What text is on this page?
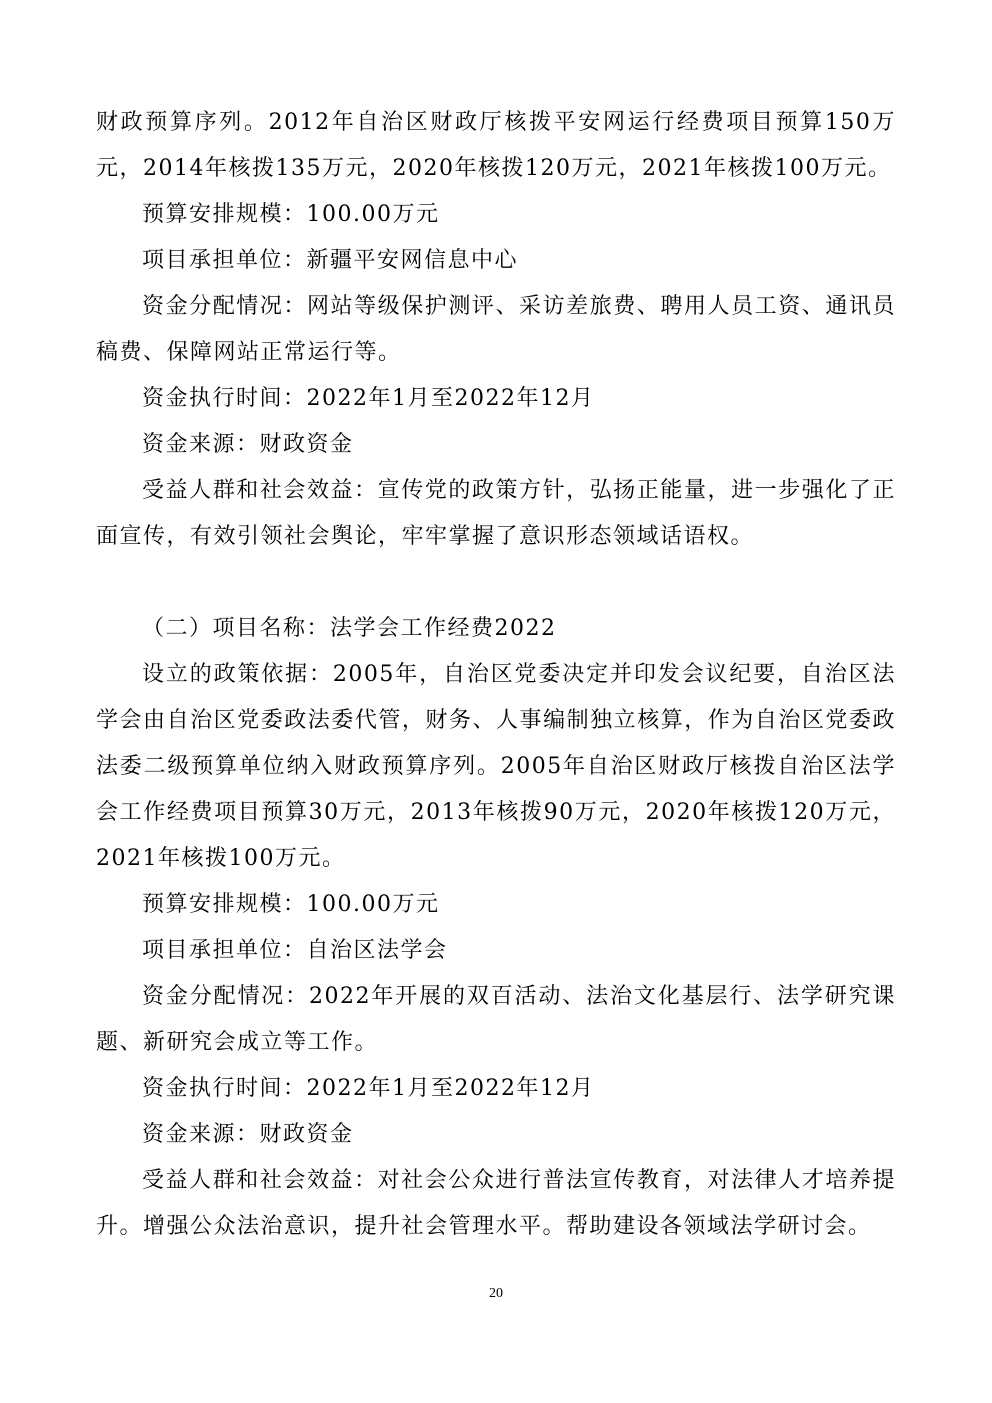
财政预算序列。2012年自治区财政厅核拨平安网运行经费项目预算150万元，2014年核拨135万元，2020年核拨120万元，2021年核拨100万元。

预算安排规模：100.00万元

项目承担单位：新疆平安网信息中心

资金分配情况：网站等级保护测评、采访差旅费、聘用人员工资、通讯员稿费、保障网站正常运行等。

资金执行时间：2022年1月至2022年12月

资金来源：财政资金

受益人群和社会效益：宣传党的政策方针，弘扬正能量，进一步强化了正面宣传，有效引领社会舆论，牢牢掌握了意识形态领域话语权。

（二）项目名称：法学会工作经费2022

设立的政策依据：2005年，自治区党委决定并印发会议纪要，自治区法学会由自治区党委政法委代管，财务、人事编制独立核算，作为自治区党委政法委二级预算单位纳入财政预算序列。2005年自治区财政厅核拨自治区法学会工作经费项目预算30万元，2013年核拨90万元，2020年核拨120万元，2021年核拨100万元。

预算安排规模：100.00万元

项目承担单位：自治区法学会

资金分配情况：2022年开展的双百活动、法治文化基层行、法学研究课题、新研究会成立等工作。

资金执行时间：2022年1月至2022年12月

资金来源：财政资金

受益人群和社会效益：对社会公众进行普法宣传教育，对法律人才培养提升。增强公众法治意识，提升社会管理水平。帮助建设各领域法学研讨会。

20
